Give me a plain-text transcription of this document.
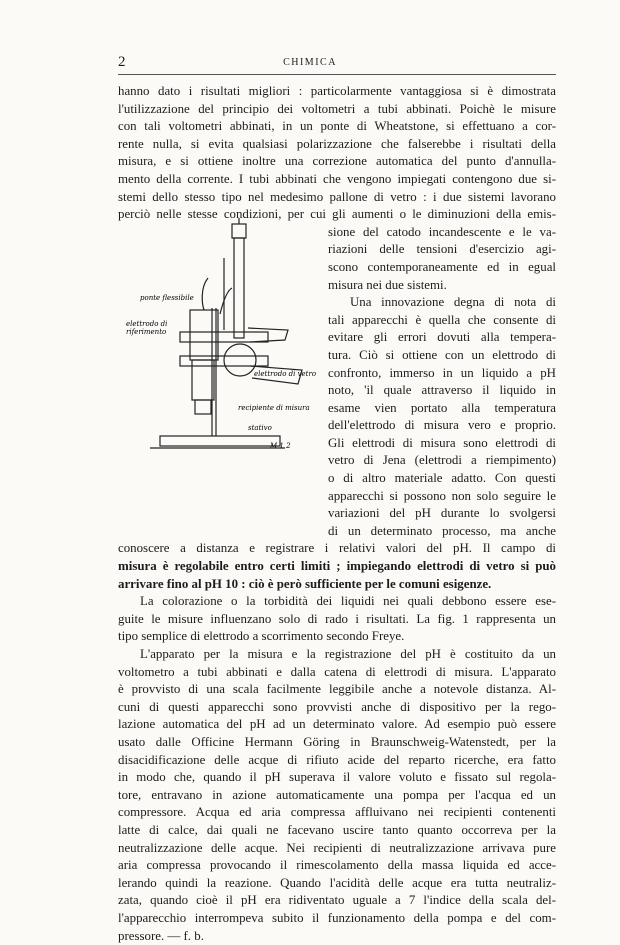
2	CHIMICA
ponte flessibile
elettrodo di
riferimento
elettrodo di vetro
recipiente di misura
stativo
M 1 2
hanno dato i risultati migliori : particolarmente vantaggiosa si è dimostrata
l'utilizzazione del principio dei voltometri a tubi abbinati. Poichè le misure
con tali voltometri abbinati, in un ponte di Wheatstone, si effettuano a cor-
rente nulla, si evita qualsiasi polarizzazione che falserebbe i risultati della
misura, e si ottiene inoltre una correzione automatica del punto d'annulla-
mento della corrente. I tubi abbinati che vengono impiegati contengono due si-
stemi dello stesso tipo nel medesimo pallone di vetro : i due sistemi lavorano
perciò nelle stesse condizioni, per cui gli aumenti o le diminuzioni della emis-
sione del catodo incandescente e le va-
riazioni delle tensioni d'esercizio agi-
scono contemporaneamente ed in egual
misura nei due sistemi.
Una innovazione degna di nota di
tali apparecchi è quella che consente di
evitare gli errori dovuti alla tempera-
tura. Ciò si ottiene con un elettrodo di
confronto, immerso in un liquido a pH
noto, 'il quale attraverso il liquido in
esame vien portato alla temperatura
dell'elettrodo di misura vero e proprio.
Gli elettrodi di misura sono elettrodi di
vetro di Jena (elettrodi a riempimento)
o di altro materiale adatto. Con questi
apparecchi si possono non solo seguire le
variazioni del pH durante lo svolgersi
di un determinato processo, ma anche
conoscere a distanza e registrare i relativi valori del pH. Il campo di
misura è regolabile entro certi limiti ; impiegando elettrodi di vetro si può
arrivare fino al pH 10 : ciò è però sufficiente per le comuni esigenze.
La colorazione o la torbidità dei liquidi nei quali debbono essere ese-
guite le misure influenzano solo di rado i risultati. La fig. 1 rappresenta un
tipo semplice di elettrodo a scorrimento secondo Freye.
L'apparato per la misura e la registrazione del pH è costituito da un
voltometro a tubi abbinati e dalla catena di elettrodi di misura. L'apparato
è provvisto di una scala facilmente leggibile anche a notevole distanza. Al-
cuni di questi apparecchi sono provvisti anche di dispositivo per la rego-
lazione automatica del pH ad un determinato valore. Ad esempio può essere
usato dalle Officine Hermann Göring in Braunschweig-Watenstedt, per la
disacidificazione delle acque di rifiuto acide del reparto ricerche, era fatto
in modo che, quando il pH superava il valore voluto e fissato sul regola-
tore, entravano in azione automaticamente una pompa per l'acqua ed un
compressore. Acqua ed aria compressa affluivano nei recipienti contenenti
latte di calce, dai quali ne facevano uscire tanto quanto occorreva per la
neutralizzazione delle acque. Nei recipienti di neutralizzazione arrivava pure
aria compressa provocando il rimescolamento della massa liquida ed acce-
lerando quindi la reazione. Quando l'acidità delle acque era tutta neutraliz-
zata, quando cioè il pH era ridiventato uguale a 7 l'indice della scala del-
l'apparecchio interrompeva subito il funzionamento della pompa e del com-
pressore. — f. b.
